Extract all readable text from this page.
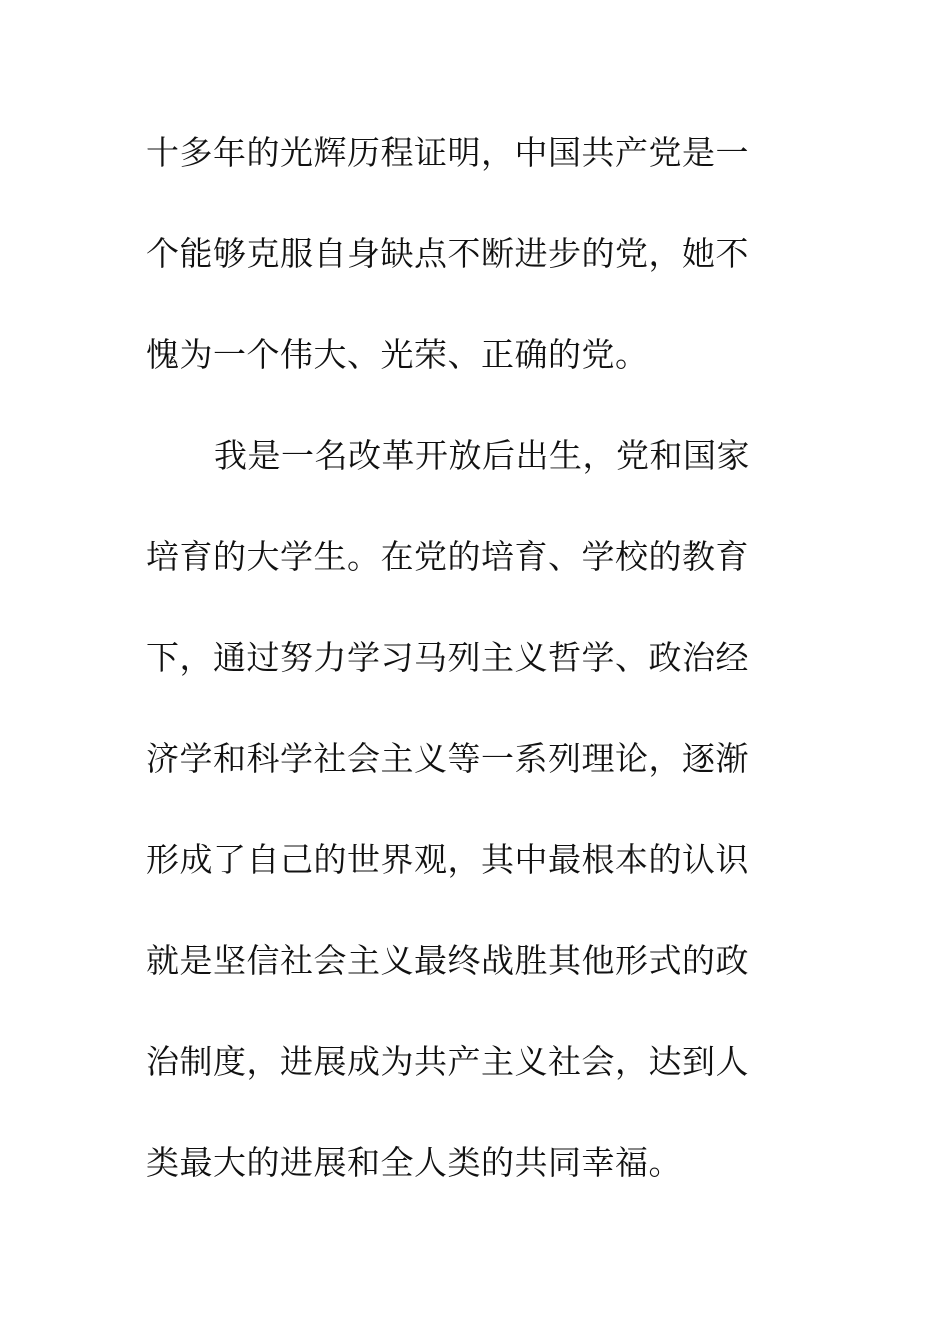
十多年的光辉历程证明，中国共产党是一
个能够克服自身缺点不断进步的党，她不
愧为一个伟大、光荣、正确的党。
我是一名改革开放后出生，党和国家
培育的大学生。在党的培育、学校的教育
下，通过努力学习马列主义哲学、政治经
济学和科学社会主义等一系列理论，逐渐
形成了自己的世界观，其中最根本的认识
就是坚信社会主义最终战胜其他形式的政
治制度，进展成为共产主义社会，达到人
类最大的进展和全人类的共同幸福。
